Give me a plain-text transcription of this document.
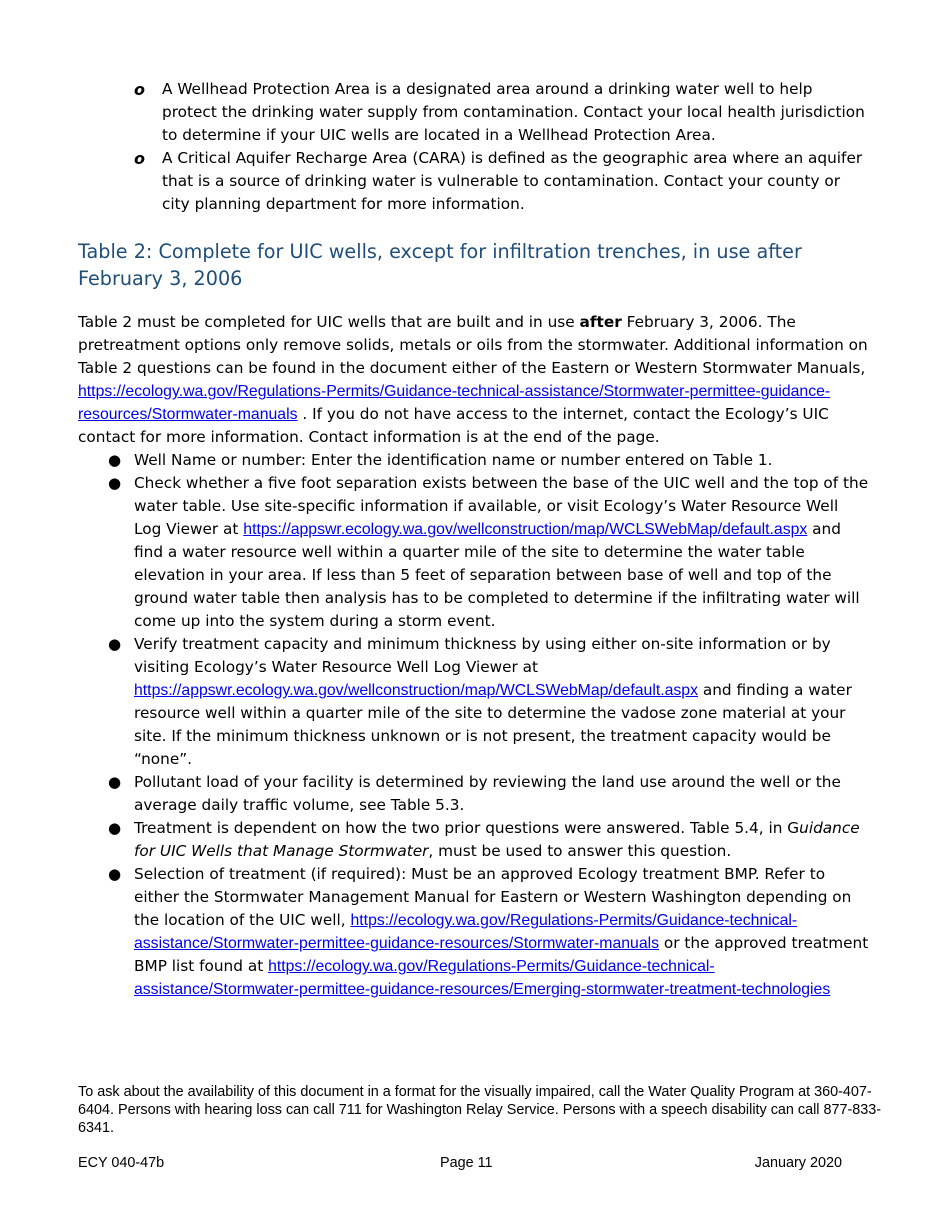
o A Wellhead Protection Area is a designated area around a drinking water well to help protect the drinking water supply from contamination. Contact your local health jurisdiction to determine if your UIC wells are located in a Wellhead Protection Area.
o A Critical Aquifer Recharge Area (CARA) is defined as the geographic area where an aquifer that is a source of drinking water is vulnerable to contamination. Contact your county or city planning department for more information.
Table 2: Complete for UIC wells, except for infiltration trenches, in use after February 3, 2006

Table 2 must be completed for UIC wells that are built and in use after February 3, 2006. The pretreatment options only remove solids, metals or oils from the stormwater. Additional information on Table 2 questions can be found in the document either of the Eastern or Western Stormwater Manuals, https://ecology.wa.gov/Regulations-Permits/Guidance-technical-assistance/Stormwater-permittee-guidance-resources/Stormwater-manuals . If you do not have access to the internet, contact the Ecology’s UIC contact for more information. Contact information is at the end of the page.

● Well Name or number: Enter the identification name or number entered on Table 1.
● Check whether a five foot separation exists between the base of the UIC well and the top of the water table. Use site-specific information if available, or visit Ecology’s Water Resource Well Log Viewer at https://appswr.ecology.wa.gov/wellconstruction/map/WCLSWebMap/default.aspx and find a water resource well within a quarter mile of the site to determine the water table elevation in your area. If less than 5 feet of separation between base of well and top of the ground water table then analysis has to be completed to determine if the infiltrating water will come up into the system during a storm event.
● Verify treatment capacity and minimum thickness by using either on-site information or by visiting Ecology’s Water Resource Well Log Viewer at https://appswr.ecology.wa.gov/wellconstruction/map/WCLSWebMap/default.aspx and finding a water resource well within a quarter mile of the site to determine the vadose zone material at your site. If the minimum thickness unknown or is not present, the treatment capacity would be “none”.
● Pollutant load of your facility is determined by reviewing the land use around the well or the average daily traffic volume, see Table 5.3.
● Treatment is dependent on how the two prior questions were answered. Table 5.4, in Guidance for UIC Wells that Manage Stormwater, must be used to answer this question.
● Selection of treatment (if required): Must be an approved Ecology treatment BMP. Refer to either the Stormwater Management Manual for Eastern or Western Washington depending on the location of the UIC well, https://ecology.wa.gov/Regulations-Permits/Guidance-technical-assistance/Stormwater-permittee-guidance-resources/Stormwater-manuals or the approved treatment BMP list found at https://ecology.wa.gov/Regulations-Permits/Guidance-technical-assistance/Stormwater-permittee-guidance-resources/Emerging-stormwater-treatment-technologies
To ask about the availability of this document in a format for the visually impaired, call the Water Quality Program at 360-407-6404. Persons with hearing loss can call 711 for Washington Relay Service. Persons with a speech disability can call 877-833-6341.
ECY 040-47b	Page 11	January 2020
